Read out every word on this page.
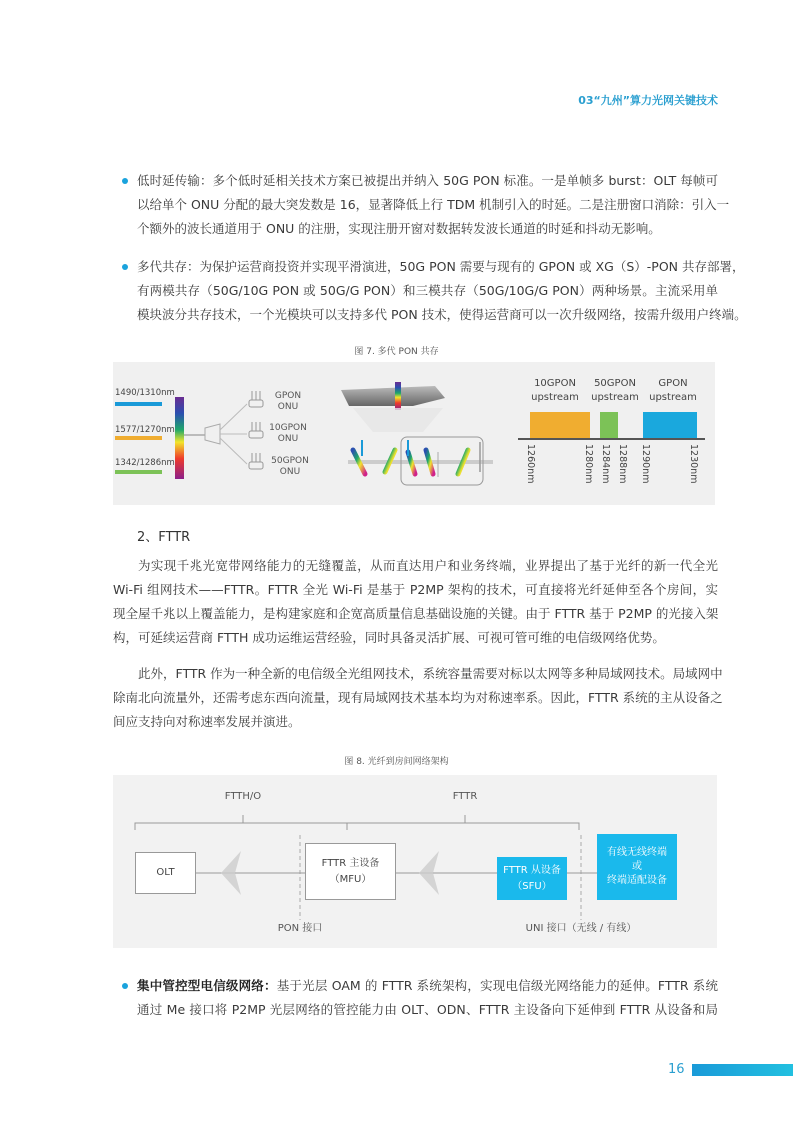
03“九州”算力光网关键技术
低时延传输：多个低时延相关技术方案已被提出并纳入 50G PON 标准。一是单帧多 burst：OLT 每帧可
以给单个 ONU 分配的最大突发数是 16，显著降低上行 TDM 机制引入的时延。二是注册窗口消除：引入一
个额外的波长通道用于 ONU 的注册，实现注册开窗对数据转发波长通道的时延和抖动无影响。
多代共存：为保护运营商投资并实现平滑演进，50G PON 需要与现有的 GPON 或 XG（S）-PON 共存部署，
有两模共存（50G/10G PON 或 50G/G PON）和三模共存（50G/10G/G PON）两种场景。主流采用单
模块波分共存技术，一个光模块可以支持多代 PON 技术，使得运营商可以一次升级网络，按需升级用户终端。
图 7. 多代 PON 共存
1490/1310nm
1577/1270nm
1342/1286nm
GPON
ONU
10GPON
ONU
50GPON
ONU
10GPON
upstream
50GPON
upstream
GPON
upstream
1260nm	1280nm 1284nm 1288nm 1290nm	1230nm
2、FTTR
为实现千兆光宽带网络能力的无缝覆盖，从而直达用户和业务终端，业界提出了基于光纤的新一代全光
Wi-Fi 组网技术——FTTR。FTTR 全光 Wi-Fi 是基于 P2MP 架构的技术，可直接将光纤延伸至各个房间，实
现全屋千兆以上覆盖能力，是构建家庭和企宽高质量信息基础设施的关键。由于 FTTR 基于 P2MP 的光接入架
构，可延续运营商 FTTH 成功运维运营经验，同时具备灵活扩展、可视可管可维的电信级网络优势。
此外，FTTR 作为一种全新的电信级全光组网技术，系统容量需要对标以太网等多种局域网技术。局域网中
除南北向流量外，还需考虑东西向流量，现有局域网技术基本均为对称速率系。因此，FTTR 系统的主从设备之
间应支持向对称速率发展并演进。
图 8. 光纤到房间网络架构
FTTH/O	FTTR
OLT
FTTR 主设备
（MFU）
FTTR 从设备
（SFU）
有线无线终端
或
终端适配设备
PON 接口	UNI 接口（无线 / 有线）
集中管控型电信级网络：基于光层 OAM 的 FTTR 系统架构，实现电信级光网络能力的延伸。FTTR 系统
通过 Me 接口将 P2MP 光层网络的管控能力由 OLT、ODN、FTTR 主设备向下延伸到 FTTR 从设备和局
16
